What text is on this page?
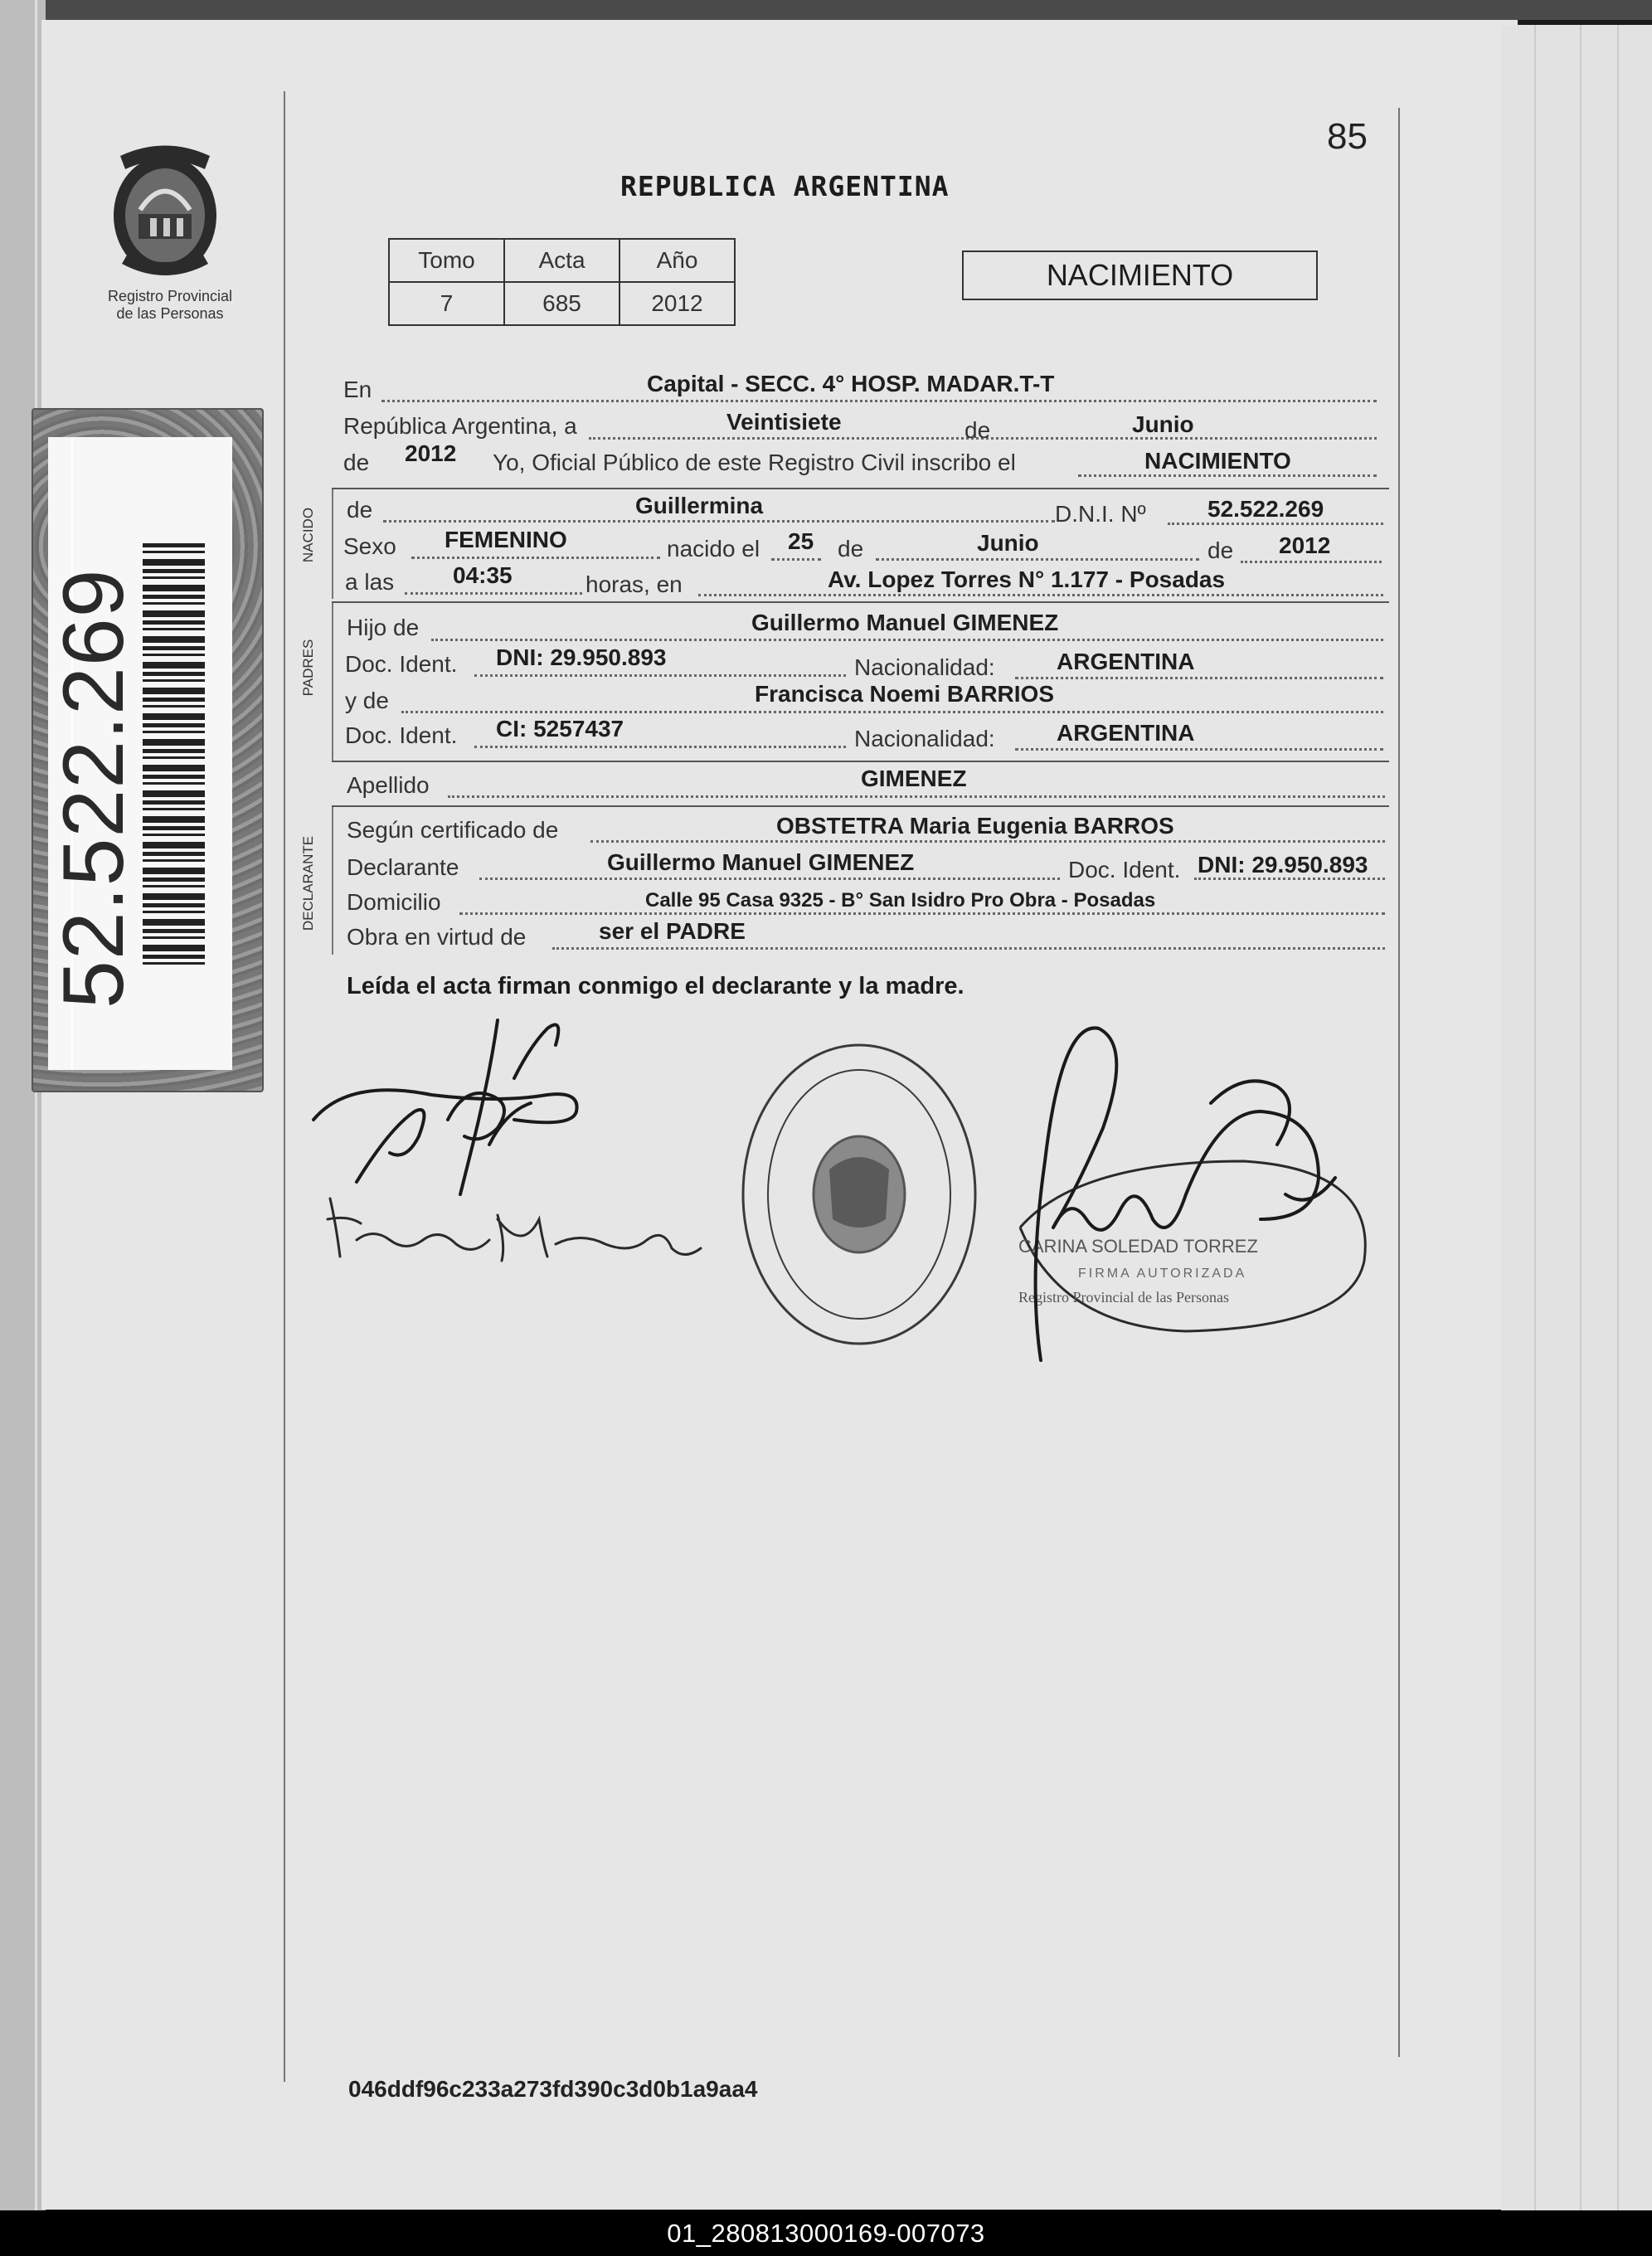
Registro Provincial
de las Personas
52.522.269
85
REPUBLICA ARGENTINA
Tomo	Acta	Año
7	685	2012
NACIMIENTO
En	Capital - SECC. 4° HOSP. MADAR.T-T
República Argentina, a	Veintisiete	de	Junio
de 2012 Yo, Oficial Público de este Registro Civil inscribo el	NACIMIENTO
NACIDO de	Guillermina	D.N.I. Nº	52.522.269
Sexo FEMENINO	nacido el 25 de	Junio	de 2012
a las	04:35	horas, en	Av. Lopez Torres N° 1.177 - Posadas
PADRES
Hijo de	Guillermo Manuel GIMENEZ
Doc. Ident. DNI: 29.950.893	Nacionalidad:	ARGENTINA
y de	Francisca Noemi BARRIOS
Doc. Ident. CI: 5257437	Nacionalidad:	ARGENTINA
Apellido	GIMENEZ
DECLARANTE
Según certificado de	OBSTETRA Maria Eugenia BARROS
Declarante	Guillermo Manuel GIMENEZ	Doc. Ident. DNI: 29.950.893
Domicilio	Calle 95 Casa 9325 - B° San Isidro Pro Obra - Posadas
Obra en virtud de	ser el PADRE
Leída el acta firman conmigo el declarante y la madre.
CARINA SOLEDAD TORREZ
FIRMA AUTORIZADA
Registro Provincial de las Personas
046ddf96c233a273fd390c3d0b1a9aa4
01_280813000169-007073
